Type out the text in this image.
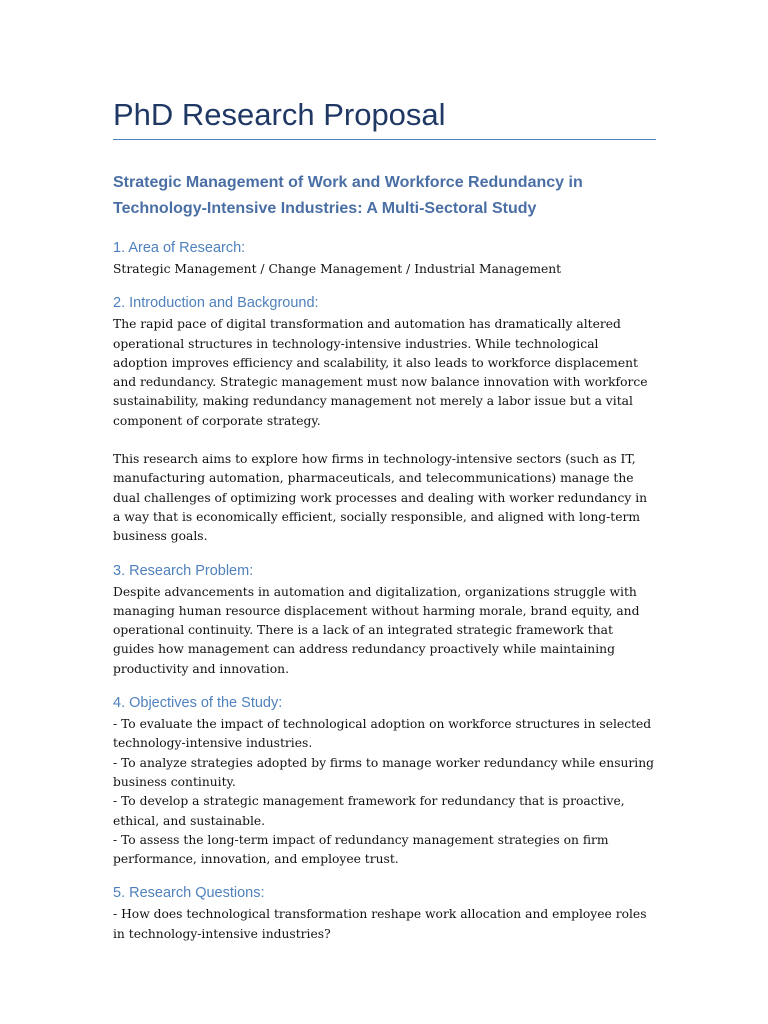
PhD Research Proposal

Strategic Management of Work and Workforce Redundancy in Technology-Intensive Industries: A Multi-Sectoral Study

1. Area of Research:

Strategic Management / Change Management / Industrial Management

2. Introduction and Background:

The rapid pace of digital transformation and automation has dramatically altered operational structures in technology-intensive industries. While technological adoption improves efficiency and scalability, it also leads to workforce displacement and redundancy. Strategic management must now balance innovation with workforce sustainability, making redundancy management not merely a labor issue but a vital component of corporate strategy.

This research aims to explore how firms in technology-intensive sectors (such as IT, manufacturing automation, pharmaceuticals, and telecommunications) manage the dual challenges of optimizing work processes and dealing with worker redundancy in a way that is economically efficient, socially responsible, and aligned with long-term business goals.

3. Research Problem:

Despite advancements in automation and digitalization, organizations struggle with managing human resource displacement without harming morale, brand equity, and operational continuity. There is a lack of an integrated strategic framework that guides how management can address redundancy proactively while maintaining productivity and innovation.

4. Objectives of the Study:

- To evaluate the impact of technological adoption on workforce structures in selected technology-intensive industries.

- To analyze strategies adopted by firms to manage worker redundancy while ensuring business continuity.

- To develop a strategic management framework for redundancy that is proactive, ethical, and sustainable.

- To assess the long-term impact of redundancy management strategies on firm performance, innovation, and employee trust.

5. Research Questions:

- How does technological transformation reshape work allocation and employee roles in technology-intensive industries?
